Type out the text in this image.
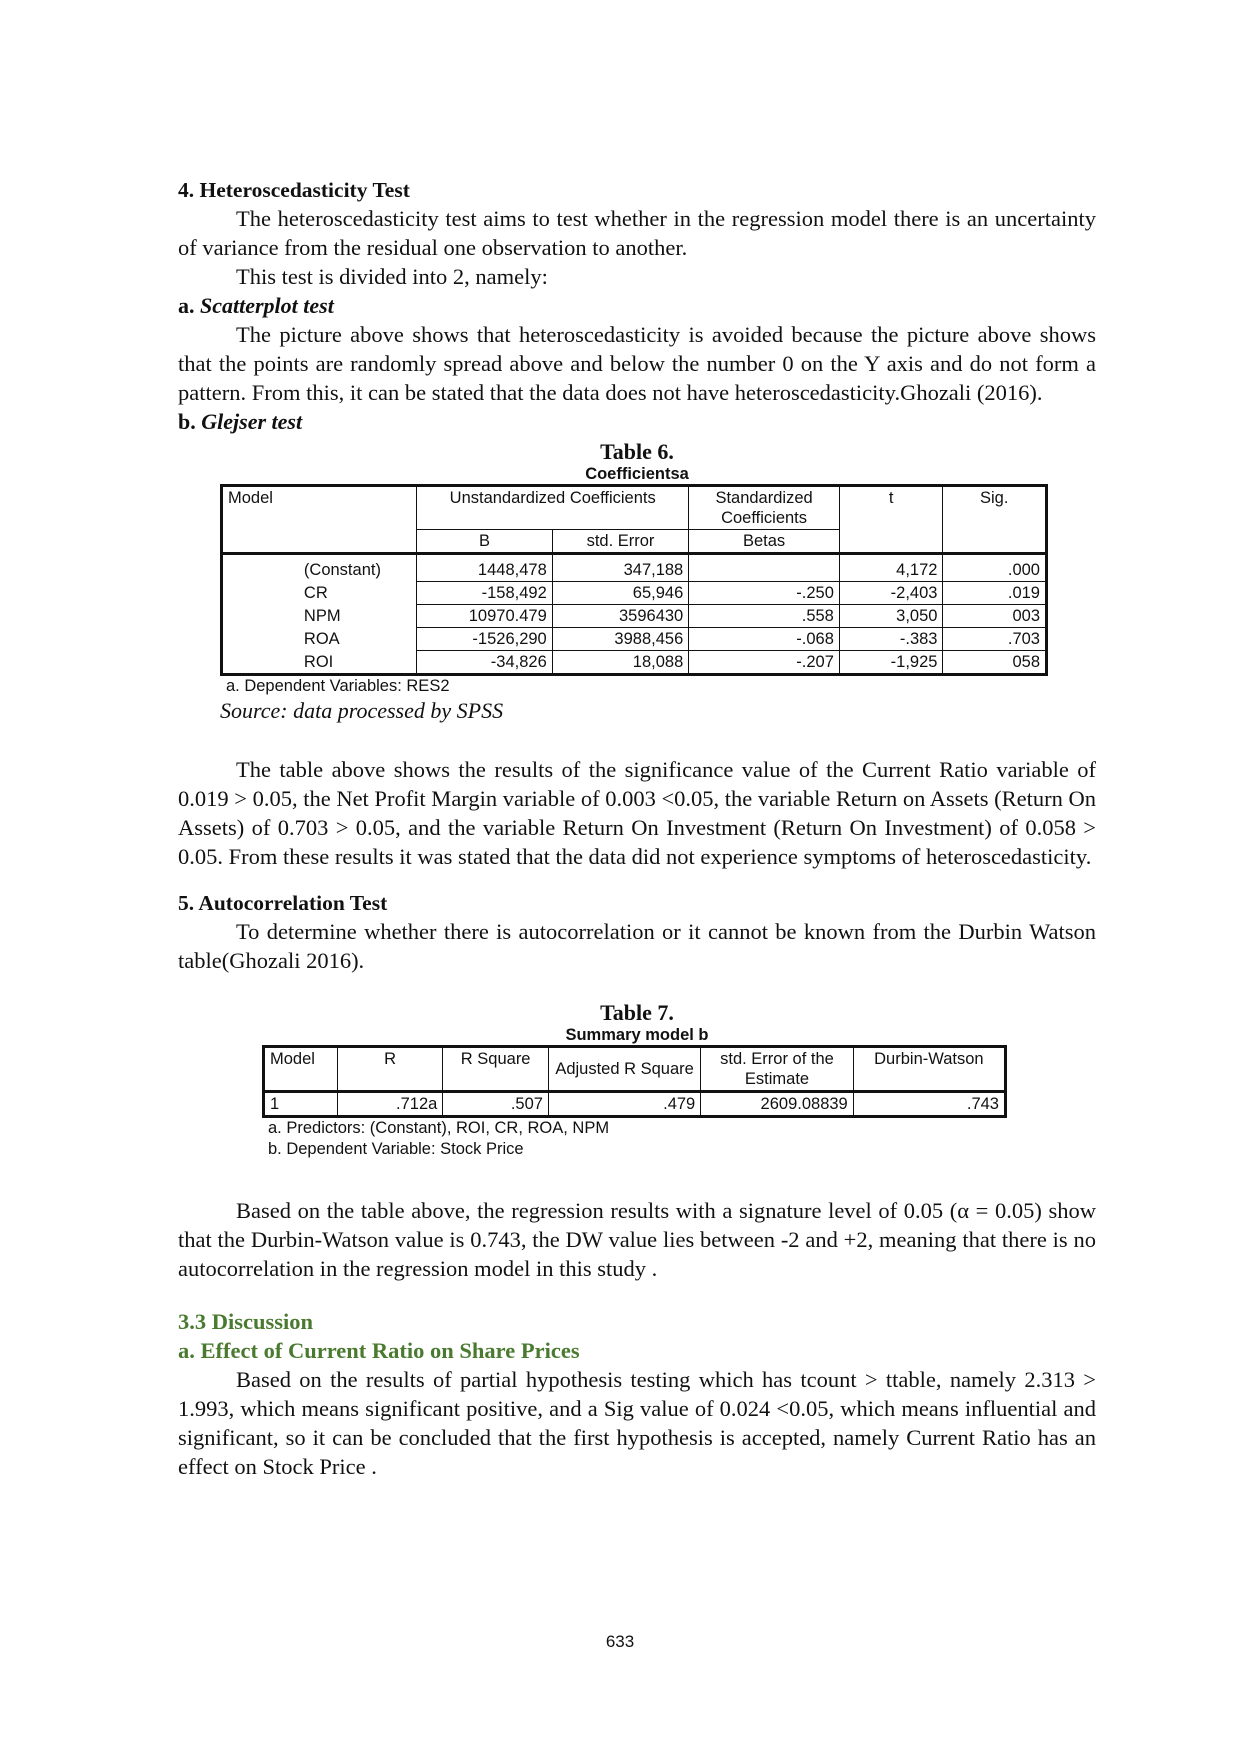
4. Heteroscedasticity Test

The heteroscedasticity test aims to test whether in the regression model there is an uncertainty of variance from the residual one observation to another.

This test is divided into 2, namely:

a. Scatterplot test

The picture above shows that heteroscedasticity is avoided because the picture above shows that the points are randomly spread above and below the number 0 on the Y axis and do not form a pattern. From this, it can be stated that the data does not have heteroscedasticity.Ghozali (2016).

b. Glejser test

Table 6.
Coefficientsa
Model		Unstandardized Coefficients		Standardized Coefficients	t	Sig.
		B	std. Error	Betas		
	(Constant)	1448,478	347,188		4,172	.000
	CR	-158,492	65,946	-.250	-2,403	.019
	NPM	10970.479	3596430	.558	3,050	003
	ROA	-1526,290	3988,456	-.068	-.383	.703
	ROI	-34,826	18,088	-.207	-1,925	058
a. Dependent Variables: RES2
Source: data processed by SPSS

The table above shows the results of the significance value of the Current Ratio variable of 0.019 > 0.05, the Net Profit Margin variable of 0.003 <0.05, the variable Return on Assets (Return On Assets) of 0.703 > 0.05, and the variable Return On Investment (Return On Investment) of 0.058 > 0.05. From these results it was stated that the data did not experience symptoms of heteroscedasticity.

5. Autocorrelation Test

To determine whether there is autocorrelation or it cannot be known from the Durbin Watson table(Ghozali 2016).

Table 7.
Summary model b
Model	R	R Square	Adjusted R Square	std. Error of the Estimate	Durbin-Watson
1	.712a	.507	.479	2609.08839	.743
a. Predictors: (Constant), ROI, CR, ROA, NPM
b. Dependent Variable: Stock Price

Based on the table above, the regression results with a signature level of 0.05 (α = 0.05) show that the Durbin-Watson value is 0.743, the DW value lies between -2 and +2, meaning that there is no autocorrelation in the regression model in this study .

3.3 Discussion
a. Effect of Current Ratio on Share Prices

Based on the results of partial hypothesis testing which has tcount > ttable, namely 2.313 > 1.993, which means significant positive, and a Sig value of 0.024 <0.05, which means influential and significant, so it can be concluded that the first hypothesis is accepted, namely Current Ratio has an effect on Stock Price .

633
